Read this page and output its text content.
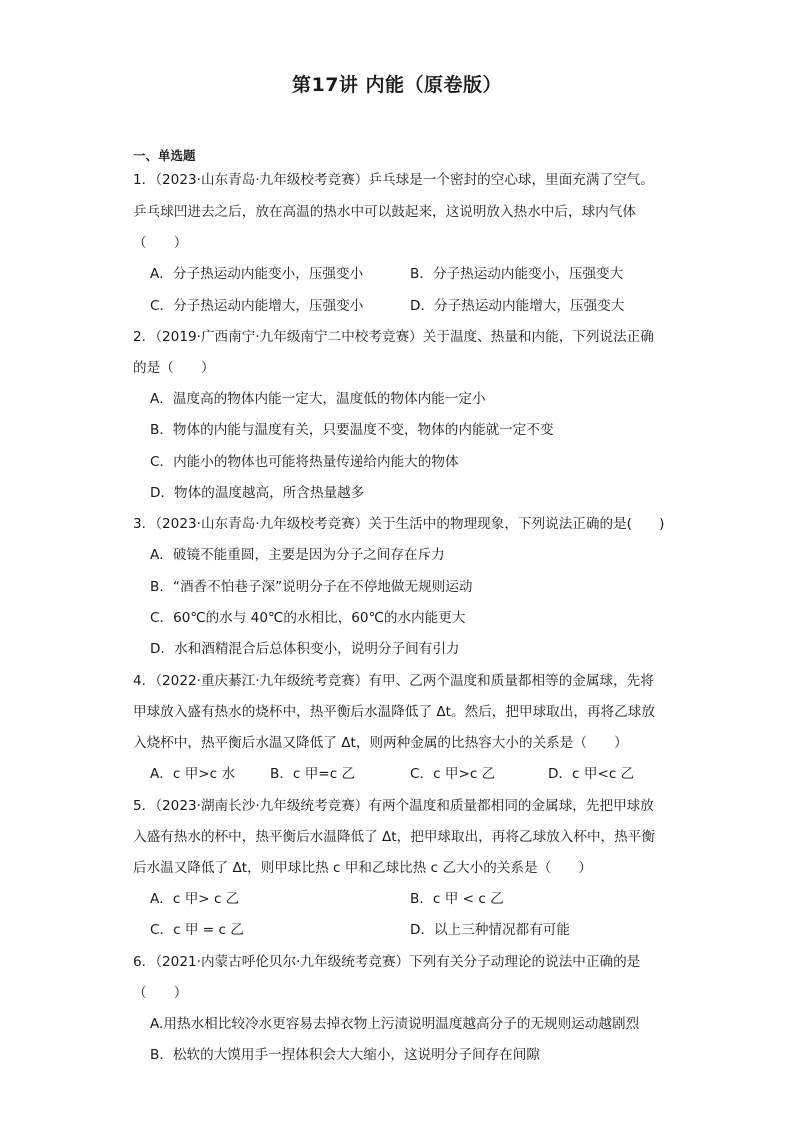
第17讲 内能（原卷版）
一、单选题
1．（2023·山东青岛·九年级校考竞赛）乒乓球是一个密封的空心球，里面充满了空气。
乒乓球凹进去之后，放在高温的热水中可以鼓起来，这说明放入热水中后，球内气体
（　　）
A．分子热运动内能变小，压强变小	B．分子热运动内能变小，压强变大
C．分子热运动内能增大，压强变小	D．分子热运动内能增大，压强变大
2．（2019·广西南宁·九年级南宁二中校考竞赛）关于温度、热量和内能，下列说法正确
的是（　　）
A．温度高的物体内能一定大，温度低的物体内能一定小
B．物体的内能与温度有关，只要温度不变，物体的内能就一定不变
C．内能小的物体也可能将热量传递给内能大的物体
D．物体的温度越高，所含热量越多
3．（2023·山东青岛·九年级校考竞赛）关于生活中的物理现象，下列说法正确的是(　　)
A．破镜不能重圆，主要是因为分子之间存在斥力
B．“酒香不怕巷子深”说明分子在不停地做无规则运动
C．60℃的水与 40℃的水相比，60℃的水内能更大
D．水和酒精混合后总体积变小，说明分子间有引力
4．（2022·重庆綦江·九年级统考竞赛）有甲、乙两个温度和质量都相等的金属球，先将
甲球放入盛有热水的烧杯中，热平衡后水温降低了 Δt。然后，把甲球取出，再将乙球放
入烧杯中，热平衡后水温又降低了 Δt，则两种金属的比热容大小的关系是（　　）
A．c 甲>c 水	B．c 甲=c 乙	C．c 甲>c 乙	D．c 甲<c 乙
5．（2023·湖南长沙·九年级统考竞赛）有两个温度和质量都相同的金属球，先把甲球放
入盛有热水的杯中，热平衡后水温降低了 Δt，把甲球取出，再将乙球放入杯中，热平衡
后水温又降低了 Δt，则甲球比热 c 甲和乙球比热 c 乙大小的关系是（　　）
A．c 甲> c 乙	B．c 甲 < c 乙
C．c 甲 = c 乙	D．以上三种情况都有可能
6．（2021·内蒙古呼伦贝尔·九年级统考竞赛）下列有关分子动理论的说法中正确的是
（　　）
A.用热水相比较冷水更容易去掉衣物上污渍说明温度越高分子的无规则运动越剧烈
B．松软的大馍用手一捏体积会大大缩小，这说明分子间存在间隙
